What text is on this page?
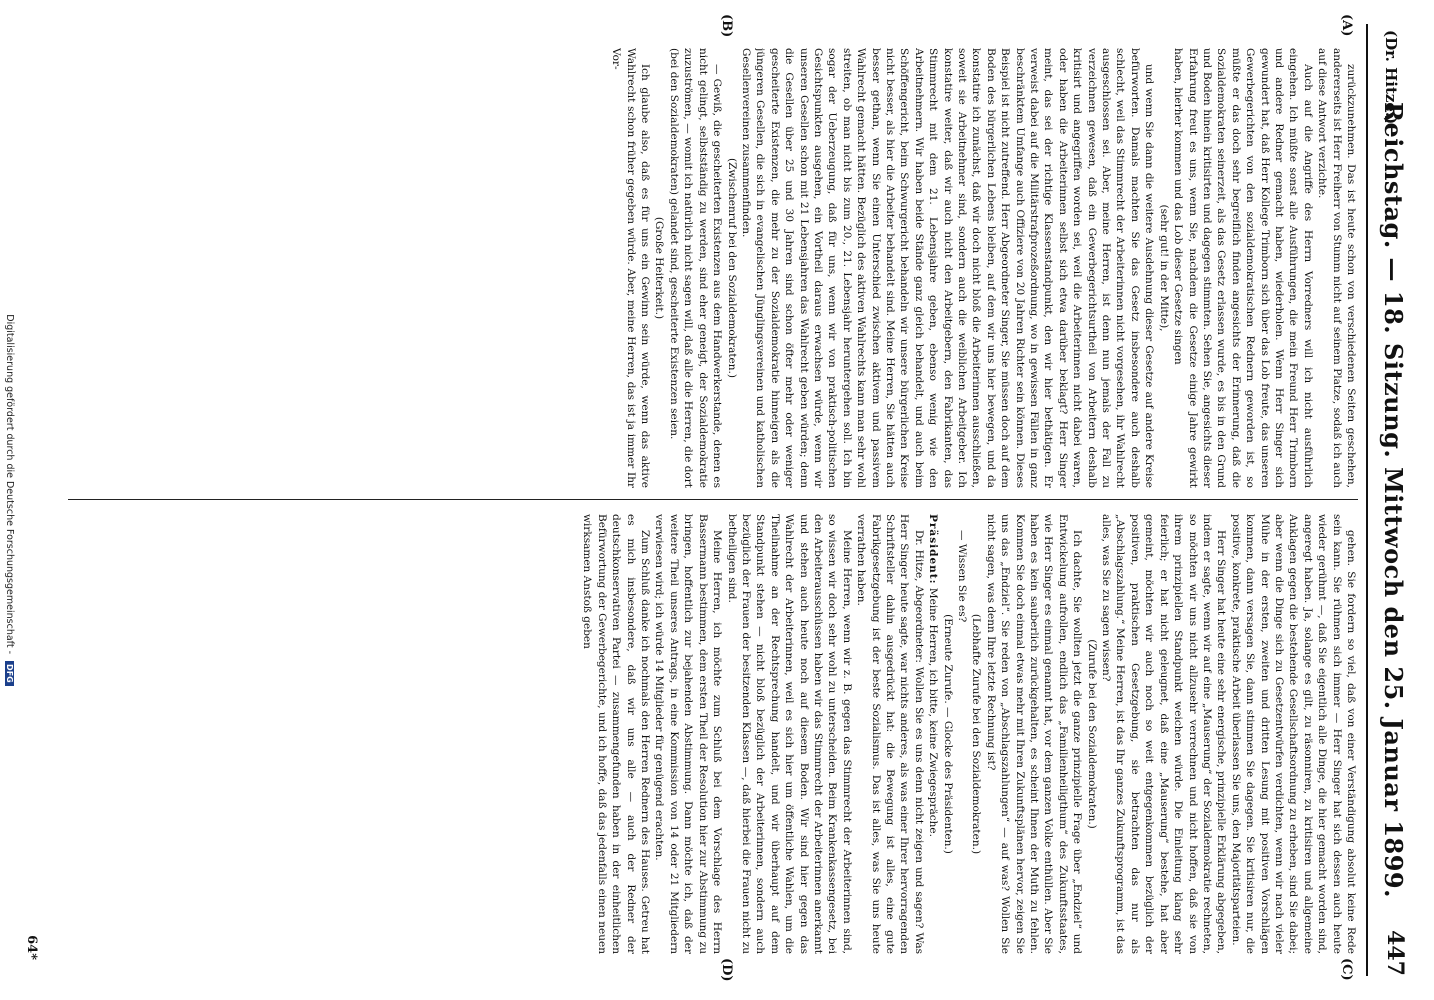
(Dr. Hitze.)
Reichstag. — 18. Sitzung. Mittwoch den 25. Januar 1899.
447
(A)
(B)
(C)
(D)

zurückzunehmen. Das ist heute schon von verschiedenen Seiten geschehen, andererseits ist Herr Freiherr von Stumm nicht auf seinem Platze, sodaß ich auch auf diese Antwort verzichte.

Auch auf die Angriffe des Herrn Vorredners will ich nicht ausführlich eingehen. Ich müßte sonst alle Ausführungen, die mein Freund Herr Trimborn und andere Redner gemacht haben, wiederholen. Wenn Herr Singer sich gewundert hat, daß Herr Kollege Trimborn sich über das Lob freute, das unseren Gewerbegerichten von den sozialdemokratischen Rednern geworden ist, so müßte er das doch sehr begreiflich finden angesichts der Erinnerung, daß die Sozialdemokraten seinerzeit, als das Gesetz erlassen wurde, es bis in den Grund und Boden hinein kritisirten und dagegen stimmten. Sehen Sie, angesichts dieser Erfahrung freut es uns, wenn Sie, nachdem die Gesetze einige Jahre gewirkt haben, hierher kommen und das Lob dieser Gesetze singen

(sehr gut! in der Mitte),

und wenn Sie dann die weitere Ausdehnung dieser Gesetze auf andere Kreise befürworten. Damals machten Sie das Gesetz insbesondere auch deshalb schlecht, weil das Stimmrecht der Arbeiterinnen nicht vorgesehen, ihr Wahlrecht ausgeschlossen sei. Aber, meine Herren, ist denn nun jemals der Fall zu verzeichnen gewesen, daß ein Gewerbegerichtsurtheil von Arbeitern deshalb kritisirt und angegriffen worden sei, weil die Arbeiterinnen nicht dabei waren, oder haben die Arbeiterinnen selbst sich etwa darüber beklagt? Herr Singer meint, das sei der richtige Klassenstandpunkt, den wir hier bethätigen. Er verweist dabei auf die Militärstrafprozeßordnung, wo in gewissen Fällen in ganz beschränktem Umfange auch Offiziere von 20 Jahren Richter sein können. Dieses Beispiel ist nicht zutreffend. Herr Abgeordneter Singer, Sie müssen doch auf dem Boden des bürgerlichen Lebens bleiben, auf dem wir uns hier bewegen, und da konstatire ich zunächst, daß wir doch nicht bloß die Arbeiterinnen ausschließen, soweit sie Arbeitnehmer sind, sondern auch die weiblichen Arbeitgeber. Ich konstatire weiter, daß wir auch nicht den Arbeitgebern, den Fabrikanten, das Stimmrecht mit dem 21. Lebensjahre geben, ebenso wenig wie den Arbeitnehmern. Wir haben beide Stände ganz gleich behandelt, und auch beim Schöffengericht, beim Schwurgericht behandeln wir unsere bürgerlichen Kreise nicht besser, als hier die Arbeiter behandelt sind. Meine Herren, Sie hätten auch besser gethan, wenn Sie einen Unterschied zwischen aktivem und passivem Wahlrecht gemacht hätten. Bezüglich des aktiven Wahlrechts kann man sehr wohl streiten, ob man nicht bis zum 20., 21. Lebensjahr heruntergehen soll. Ich bin sogar der Ueberzeugung, daß für uns, wenn wir von praktisch-politischen Gesichtspunkten ausgehen, ein Vortheil daraus erwachsen würde, wenn wir unseren Gesellen schon mit 21 Lebensjahren das Wahlrecht geben würden; denn die Gesellen über 25 und 30 Jahren sind schon öfter mehr oder weniger gescheiterte Existenzen, die mehr zu der Sozialdemokratie hinneigen als die jüngeren Gesellen, die sich in evangelischen Jünglingsvereinen und katholischen Gesellenvereinen zusammenfinden.

(Zwischenruf bei den Sozialdemokraten.)

— Gewiß, die gescheiterten Existenzen aus dem Handwerkerstande, denen es nicht gelingt, selbstständig zu werden, sind eher geneigt, der Sozialdemokratie zuzuströmen, — womit ich natürlich nicht sagen will, daß alle die Herren, die dort (bei den Sozialdemokraten) gelandet sind, gescheiterte Existenzen seien.

(Große Heiterkeit.)

Ich glaube also, daß es für uns ein Gewinn sein würde, wenn das aktive Wahlrecht schon früher gegeben würde. Aber, meine Herren, das ist ja immer Ihr Vor-

gehen. Sie fordern so viel, daß von einer Verständigung absolut keine Rede sein kann. Sie rühmen sich immer — Herr Singer hat sich dessen auch heute wieder gerühmt —, daß Sie eigentlich alle Dinge, die hier gemacht worden sind, angeregt haben. Ja, solange es gilt, zu räsonniren, zu kritisiren und allgemeine Anklagen gegen die bestehende Gesellschaftsordnung zu erheben, sind Sie dabei; aber wenn die Dinge sich zu Gesetzentwürfen verdichten, wenn wir nach vieler Mühe in der ersten, zweiten und dritten Lesung mit positiven Vorschlägen kommen, dann versagen Sie, dann stimmen Sie dagegen. Sie kritisiren nur, die positive, konkrete, praktische Arbeit überlassen Sie uns, den Majoritätsparteien.

Herr Singer hat heute eine sehr energische, prinzipielle Erklärung abgegeben, indem er sagte, wenn wir auf eine „Mauserung“ der Sozialdemokratie rechneten, so möchten wir uns nicht allzusehr verrechnen und nicht hoffen, daß sie von ihrem prinzipiellen Standpunkt weichen würde. Die Einleitung klang sehr feierlich; er hat nicht geleugnet, daß eine „Mauserung“ bestehe, hat aber gemeint, möchten wir auch noch so weit entgegenkommen bezüglich der positiven, praktischen Gesetzgebung, sie betrachten das nur als „Abschlagszahlung.“ Meine Herren, ist das Ihr ganzes Zukunftsprogramm, ist das alles, was Sie zu sagen wissen?

(Zurufe bei den Sozialdemokraten.)

Ich dachte, Sie wollten jetzt die ganze prinzipielle Frage über „Endziel“ und Entwickelung aufrollen, endlich das „Familienheiligthum“ des Zukunftsstaates, wie Herr Singer es einmal genannt hat, vor dem ganzen Volke enthüllen. Aber Sie haben es kein sauberlich zurückgehalten, es scheint Ihnen der Muth zu fehlen. Kommen Sie doch einmal etwas mehr mit Ihren Zukunftsplänen hervor, zeigen Sie uns das „Endziel“. Sie reden von „Abschlagszahlungen“ — auf was? Wollen Sie nicht sagen, was denn Ihre letzte Rechnung ist?

(Lebhafte Zurufe bei den Sozialdemokraten.)

— Wissen Sie es?

(Erneute Zurufe. — Glocke des Präsidenten.)

Präsident: Meine Herren, ich bitte, keine Zwiegespräche.

Dr. Hitze, Abgeordneter: Wollen Sie es uns denn nicht zeigen und sagen? Was Herr Singer heute sagte, war nichts anderes, als was einer Ihrer hervorragenden Schriftsteller dahin ausgedrückt hat: die Bewegung ist alles, eine gute Fabrikgesetzgebung ist der beste Sozialismus. Das ist alles, was Sie uns heute verrathen haben.

Meine Herren, wenn wir z. B. gegen das Stimmrecht der Arbeiterinnen sind, so wissen wir doch sehr wohl zu unterscheiden. Beim Krankenkassengesetz, bei den Arbeiterausschüssen haben wir das Stimmrecht der Arbeiterinnen anerkannt und stehen auch heute noch auf diesem Boden. Wir sind hier gegen das Wahlrecht der Arbeiterinnen, weil es sich hier um öffentliche Wahlen, um die Theilnahme an der Rechtsprechung handelt, und wir überhaupt auf dem Standpunkt stehen — nicht bloß bezüglich der Arbeiterinnen, sondern auch bezüglich der Frauen der besitzenden Klassen —, daß hierbei die Frauen nicht zu betheiligen sind.

Meine Herren, ich möchte zum Schluß bei dem Vorschlage des Herrn Bassermann bestimmen, dem ersten Theil der Resolution hier zur Abstimmung zu bringen, hoffentlich zur bejahenden Abstimmung. Dann möchte ich, daß der weitere Theil unseres Antrags, in eine Kommission von 14 oder 21 Mitgliedern verwiesen wird; ich würde 14 Mitglieder für genügend erachten.

Zum Schluß danke ich nochmals den Herren Rednern des Hauses. Getreu hat es mich insbesondere, daß wir uns alle — auch der Redner der deutschkonservativen Partei — zusammengefunden haben in der einheitlichen Befürwortung der Gewerbegerichte, und ich hoffe, daß das jedenfalls einen neuen wirksamen Anstoß geben

64*
Digitalisierung gefördert durch die Deutsche Forschungsgemeinschaft - DFG
